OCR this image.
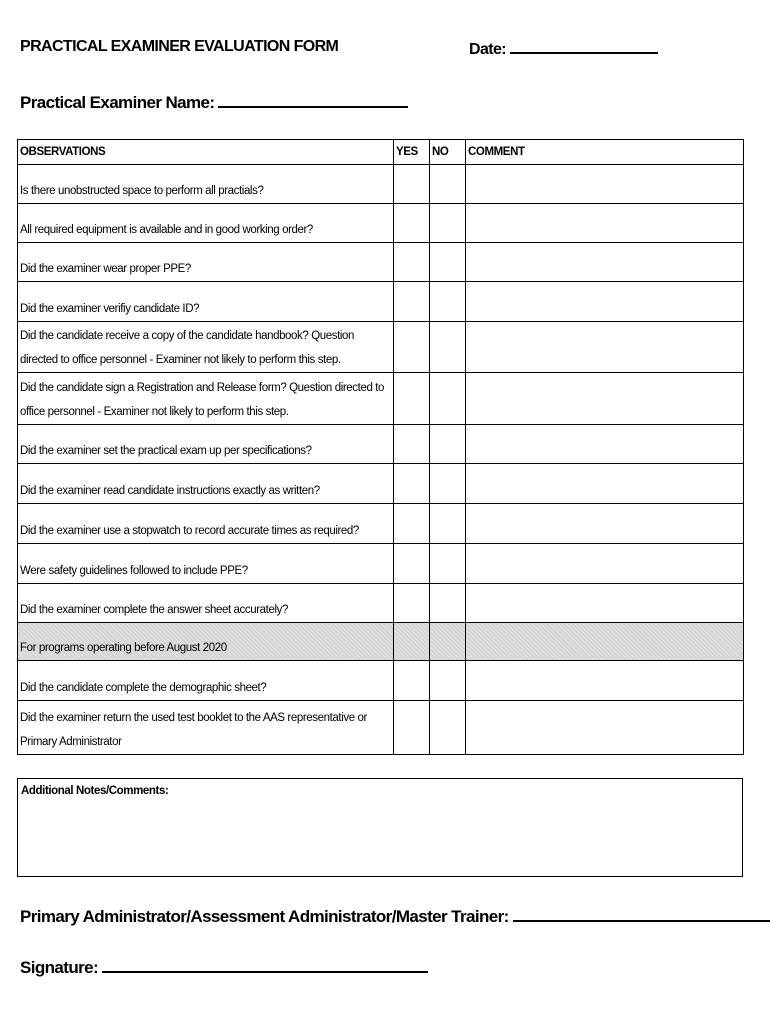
PRACTICAL EXAMINER EVALUATION FORM	Date:
Practical Examiner Name:
OBSERVATIONS	YES	NO	COMMENT
Is there unobstructed space to perform all practials?			
All required equipment is available and in good working order?			
Did the examiner wear proper PPE?			
Did the examiner verifiy candidate ID?			
Did the candidate receive a copy of the candidate handbook? Question directed to office personnel - Examiner not likely to perform this step.			
Did the candidate sign a Registration and Release form? Question directed to office personnel - Examiner not likely to perform this step.			
Did the examiner set the practical exam up per specifications?			
Did the examiner read candidate instructions exactly as written?			
Did the examiner use a stopwatch to record accurate times as required?			
Were safety guidelines followed to include PPE?			
Did the examiner complete the answer sheet accurately?			
For programs operating before August 2020			
Did the candidate complete the demographic sheet?			
Did the examiner return the used test booklet to the AAS representative or Primary Administrator			
Additional Notes/Comments:
Primary Administrator/Assessment Administrator/Master Trainer:
Signature:
